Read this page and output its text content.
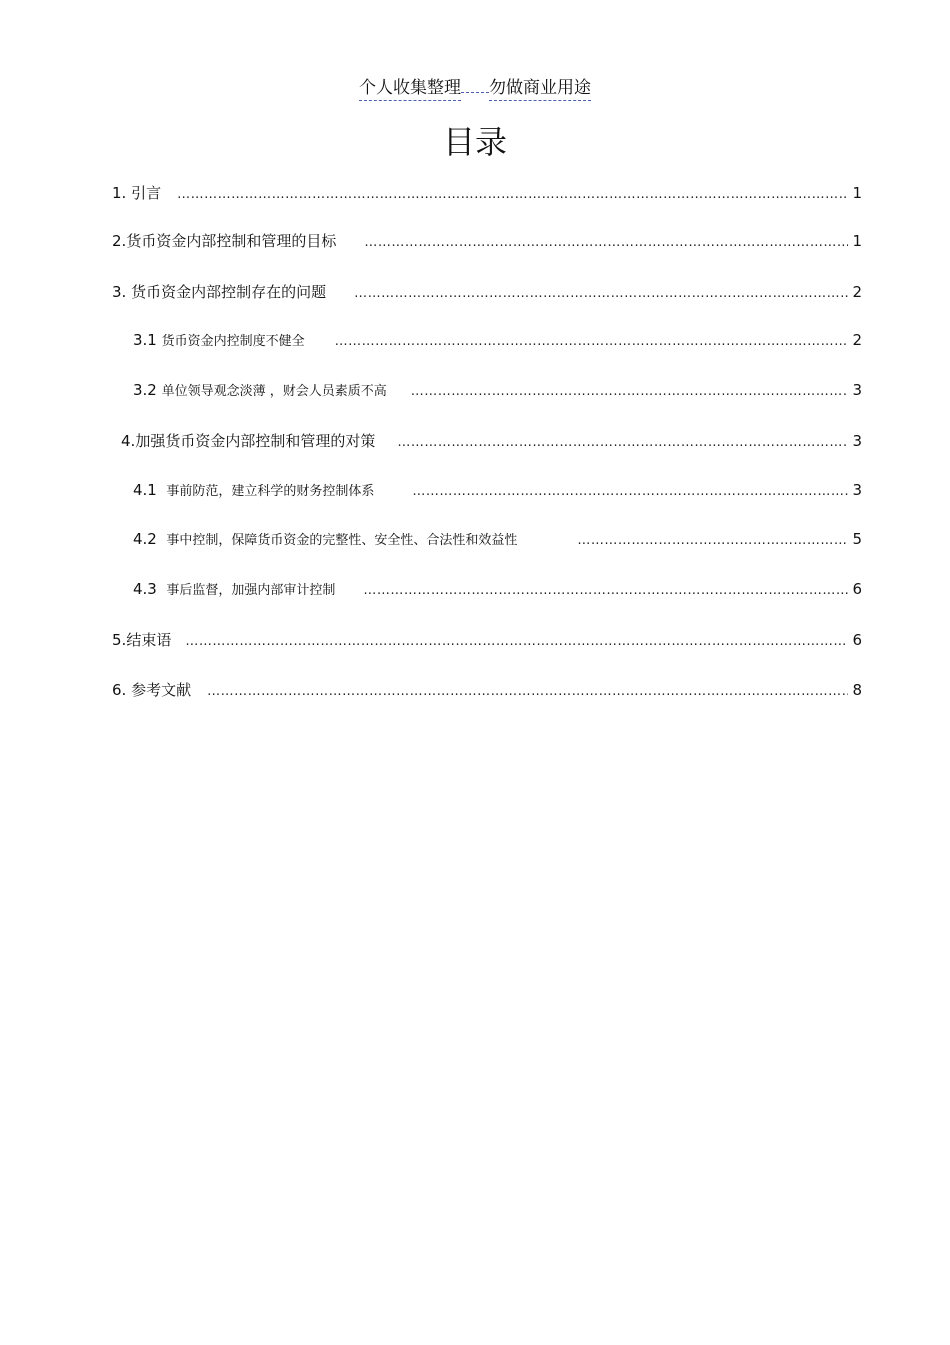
个人收集整理 勿做商业用途
目录
1. 引言 ……………………………………………………………………………………………………………………………………………………………………………………	1
2.货币资金内部控制和管理的目标 ……………………………………………………………………………………………………………………………………………………………………………………	1
3. 货币资金内部控制存在的问题 ……………………………………………………………………………………………………………………………………………………………………………………	2
3.1 货币资金内控制度不健全 ……………………………………………………………………………………………………………………………………………………………………………………	2
3.2 单位领导观念淡薄 ，财会人员素质不高 ……………………………………………………………………………………………………………………………………………………………………………………	3
4.加强货币资金内部控制和管理的对策 ……………………………………………………………………………………………………………………………………………………………………………………	3
4.1 事前防范，建立科学的财务控制体系 ……………………………………………………………………………………………………………………………………………………………………………………	3
4.2 事中控制，保障货币资金的完整性、安全性、合法性和效益性 ……………………………………………………………………………………………………………………………………………………………………………………	5
4.3 事后监督，加强内部审计控制 ……………………………………………………………………………………………………………………………………………………………………………………	6
5.结束语 ……………………………………………………………………………………………………………………………………………………………………………………	6
6. 参考文献 ……………………………………………………………………………………………………………………………………………………………………………………	8
